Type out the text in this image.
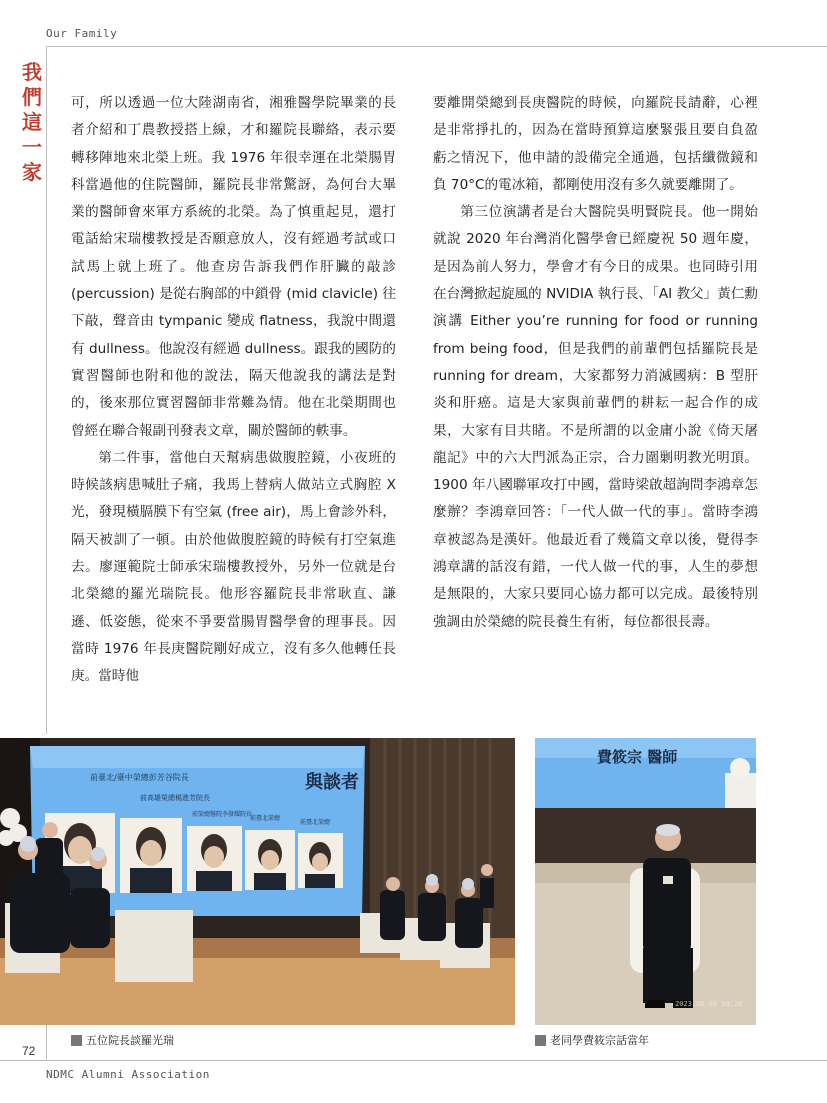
Our Family
我
們
這
一
家

可，所以透過一位大陸湖南省，湘雅醫學院畢業的長者介紹和丁農教授搭上線，才和羅院長聯絡，表示要轉移陣地來北榮上班。我 1976 年很幸運在北榮腸胃科當過他的住院醫師，羅院長非常驚訝，為何台大畢業的醫師會來軍方系統的北榮。為了慎重起見，還打電話給宋瑞樓教授是否願意放人，沒有經過考試或口試馬上就上班了。他查房告訴我們作肝臟的敲診 (percussion) 是從右胸部的中鎖骨 (mid clavicle) 往下敲，聲音由 tympanic 變成 flatness，我說中間還有 dullness。他說沒有經過 dullness。跟我的國防的實習醫師也附和他的說法，隔天他說我的講法是對的，後來那位實習醫師非常難為情。他在北榮期間也曾經在聯合報副刊發表文章，關於醫師的軼事。

第二件事，當他白天幫病患做腹腔鏡，小夜班的時候該病患喊肚子痛，我馬上替病人做站立式胸腔 X 光，發現橫膈膜下有空氣 (free air)，馬上會診外科，隔天被訓了一頓。由於他做腹腔鏡的時候有打空氣進去。廖運範院士師承宋瑞樓教授外，另外一位就是台北榮總的羅光瑞院長。他形容羅院長非常耿直、謙遜、低姿態，從來不爭要當腸胃醫學會的理事長。因當時 1976 年長庚醫院剛好成立，沒有多久他轉任長庚。當時他

要離開榮總到長庚醫院的時候，向羅院長請辭，心裡是非常掙扎的，因為在當時預算這麼緊張且要自負盈虧之情況下，他申請的設備完全通過，包括纖微鏡和負 70°C的電冰箱，都剛使用沒有多久就要離開了。

第三位演講者是台大醫院吳明賢院長。他一開始就說 2020 年台灣消化醫學會已經慶祝 50 週年慶，是因為前人努力，學會才有今日的成果。也同時引用在台灣掀起旋風的 NVIDIA 執行長、「AI 教父」黃仁勳演講 Either you’re running for food or running from being food，但是我們的前輩們包括羅院長是 running for dream，大家都努力消滅國病：B 型肝炎和肝癌。這是大家與前輩們的耕耘一起合作的成果，大家有目共睹。不是所謂的以金庸小說《倚天屠龍記》中的六大門派為正宗，合力圍剿明教光明頂。1900 年八國聯軍攻打中國，當時梁啟超詢問李鴻章怎麼辦？李鴻章回答：「一代人做一代的事」。當時李鴻章被認為是漢奸。他最近看了幾篇文章以後，覺得李鴻章講的話沒有錯，一代人做一代的事，人生的夢想是無限的，大家只要同心協力都可以完成。最後特別強調由於榮總的院長養生有術，每位都很長壽。

與談者
前臺北/臺中榮總彭芳谷院長
前高雄榮總楊進芳院長
前榮總醫院李發耀院長
前臺北榮總
前臺北榮總
費筱宗 醫師
2023.06.03 08:26
五位院長談羅光瑞	老同學費筱宗話當年
72
NDMC Alumni Association
